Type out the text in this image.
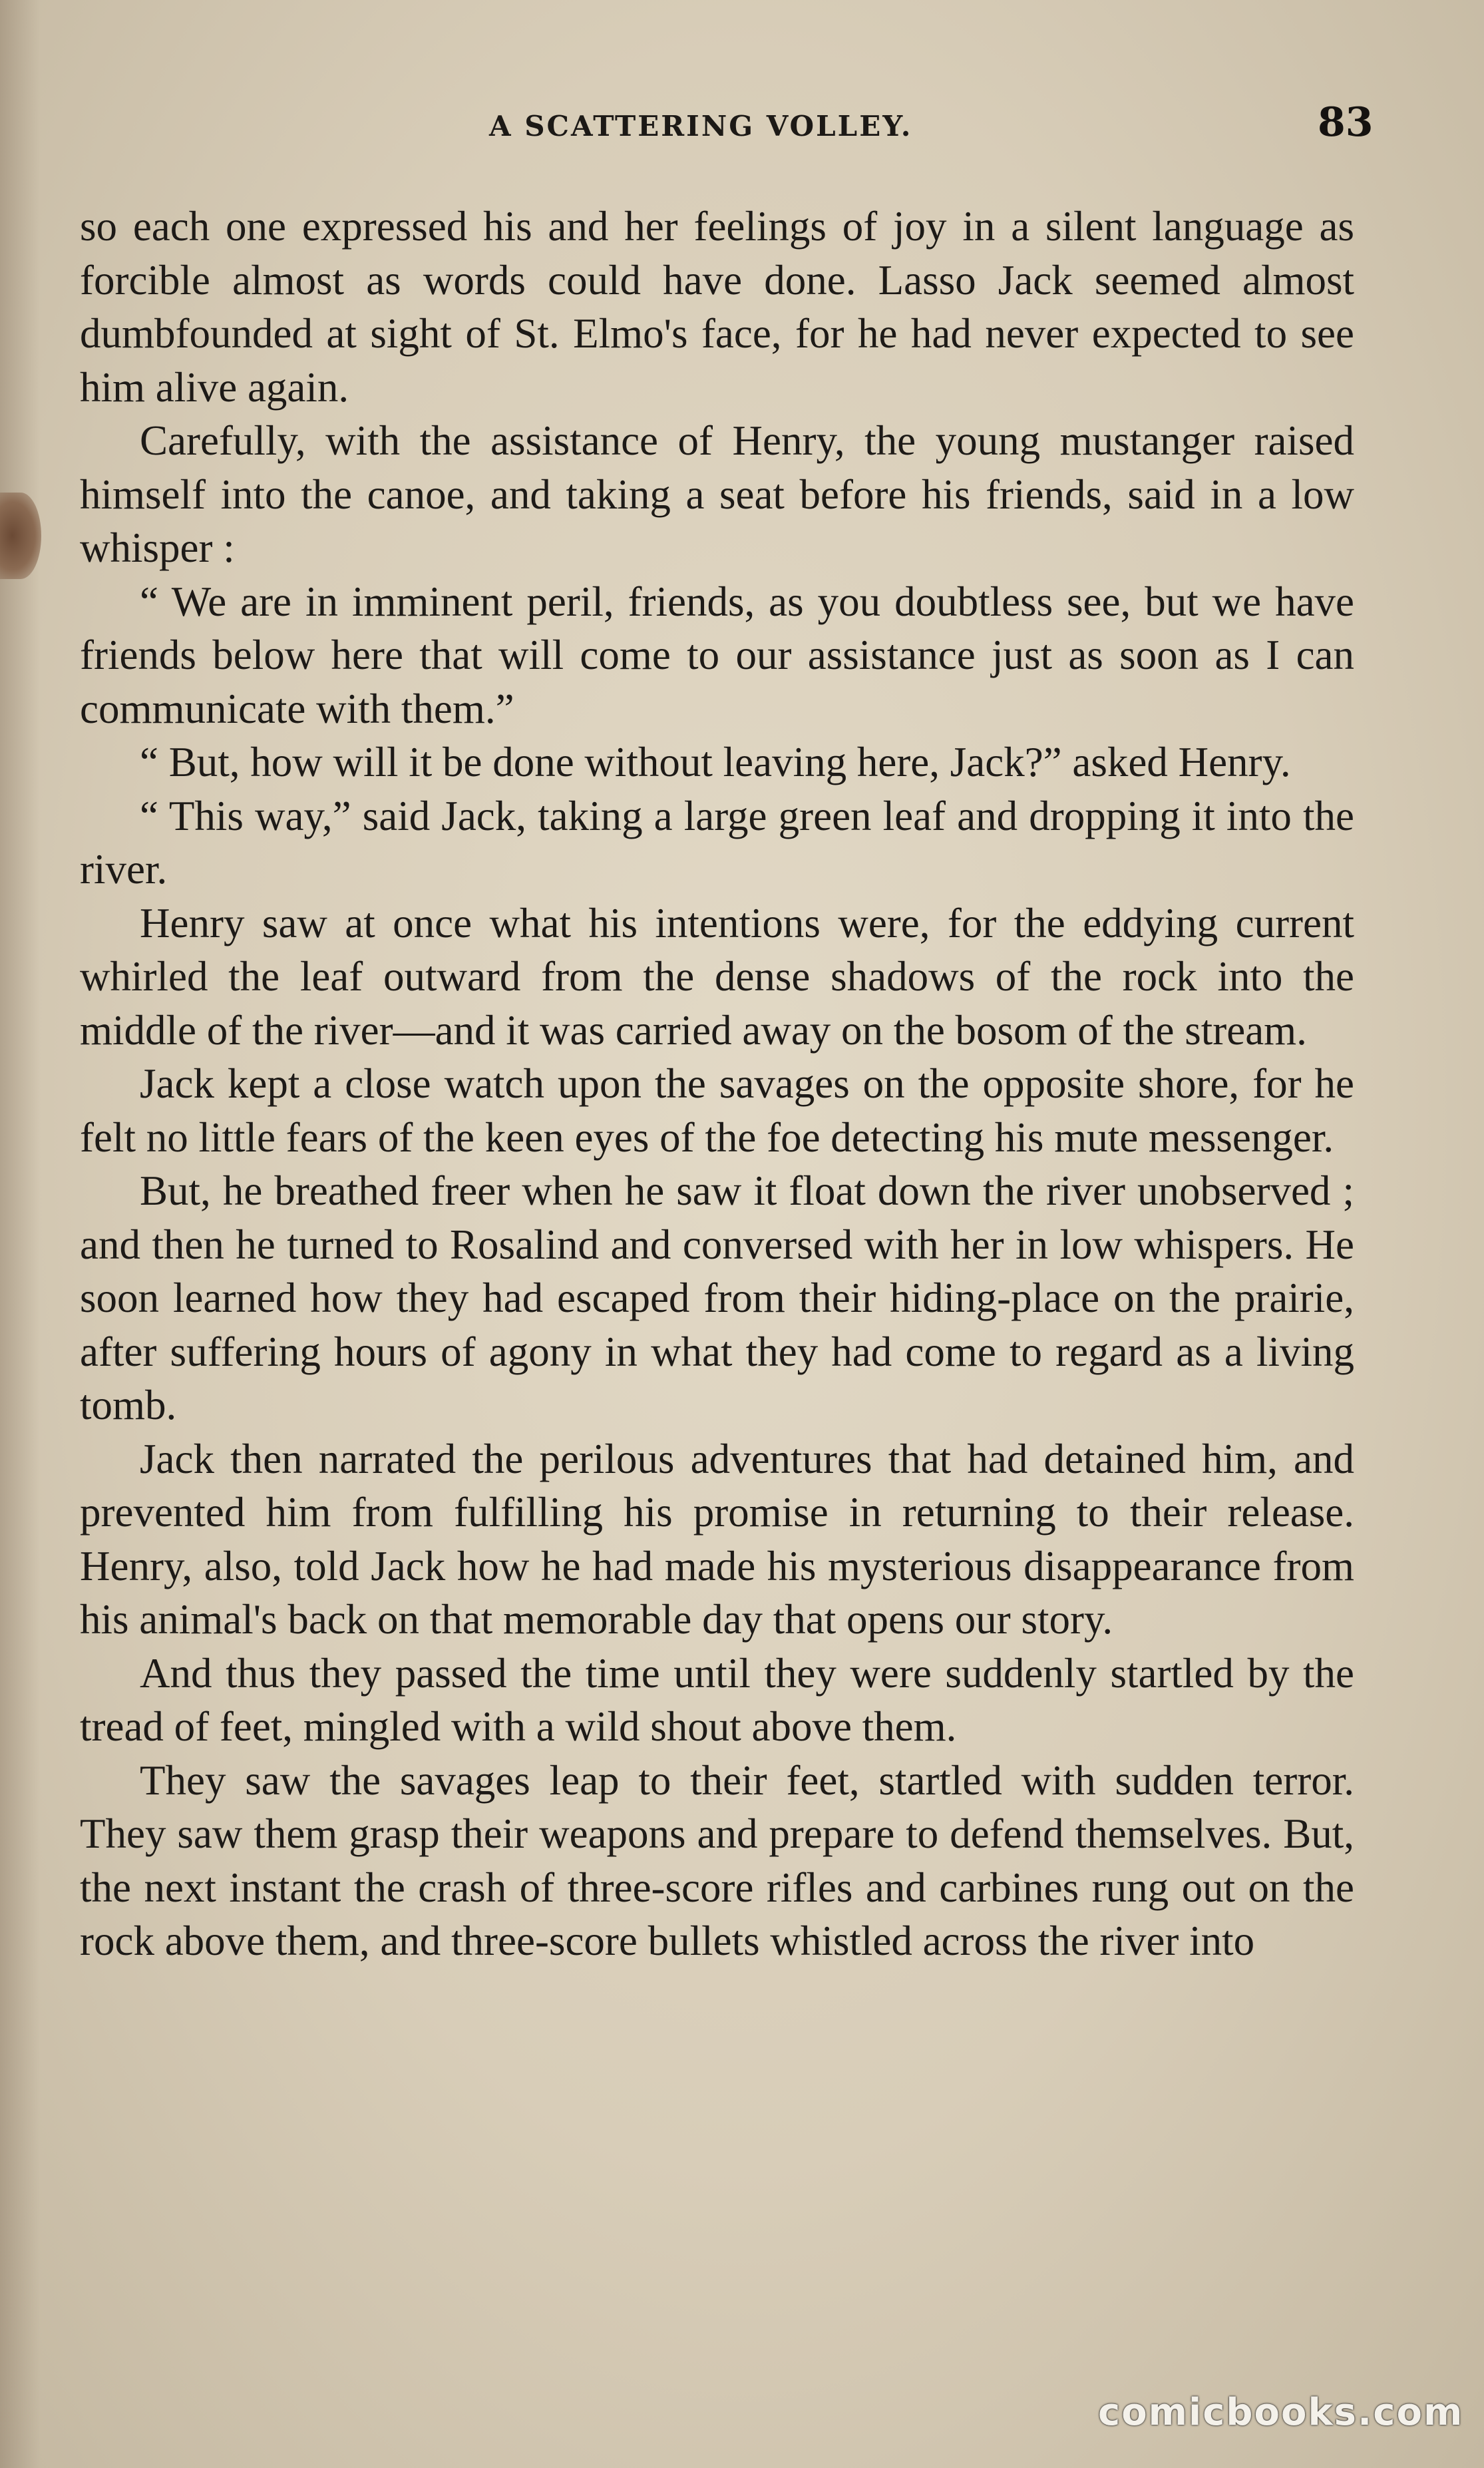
A SCATTERING VOLLEY.	83

so each one expressed his and her feelings of joy in a silent language as forcible almost as words could have done. Lasso Jack seemed almost dumbfounded at sight of St. Elmo's face, for he had never expected to see him alive again.

Carefully, with the assistance of Henry, the young mustanger raised himself into the canoe, and taking a seat before his friends, said in a low whisper :

“ We are in imminent peril, friends, as you doubtless see, but we have friends below here that will come to our assistance just as soon as I can communicate with them.”

“ But, how will it be done without leaving here, Jack?” asked Henry.

“ This way,” said Jack, taking a large green leaf and dropping it into the river.

Henry saw at once what his intentions were, for the eddying current whirled the leaf outward from the dense shadows of the rock into the middle of the river—and it was carried away on the bosom of the stream.

Jack kept a close watch upon the savages on the opposite shore, for he felt no little fears of the keen eyes of the foe detecting his mute messenger.

But, he breathed freer when he saw it float down the river unobserved ; and then he turned to Rosalind and conversed with her in low whispers. He soon learned how they had escaped from their hiding-place on the prairie, after suffering hours of agony in what they had come to regard as a living tomb.

Jack then narrated the perilous adventures that had detained him, and prevented him from fulfilling his promise in returning to their release. Henry, also, told Jack how he had made his mysterious disappearance from his animal's back on that memorable day that opens our story.

And thus they passed the time until they were suddenly startled by the tread of feet, mingled with a wild shout above them.

They saw the savages leap to their feet, startled with sudden terror. They saw them grasp their weapons and prepare to defend themselves. But, the next instant the crash of three-score rifles and carbines rung out on the rock above them, and three-score bullets whistled across the river into

comicbooks.com
